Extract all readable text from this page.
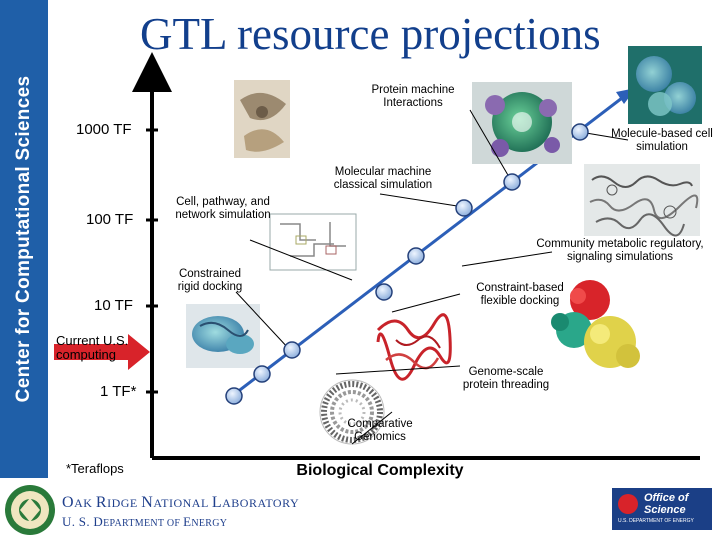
Center for Computational Sciences
GTL resource projections
1000 TF
100 TF
10 TF
1 TF*
Current U.S. computing
*Teraflops	Biological Complexity
Comparative Genomics
Genome-scale protein threading
Constrained rigid docking	Constraint-based flexible docking
Cell, pathway, and network simulation
Community metabolic regulatory, signaling simulations
Molecular machine classical simulation
Protein machine Interactions
Molecule-based cell simulation
OAK RIDGE NATIONAL LABORATORY
U. S. DEPARTMENT OF ENERGY
Office of
Science
U.S. DEPARTMENT OF ENERGY
